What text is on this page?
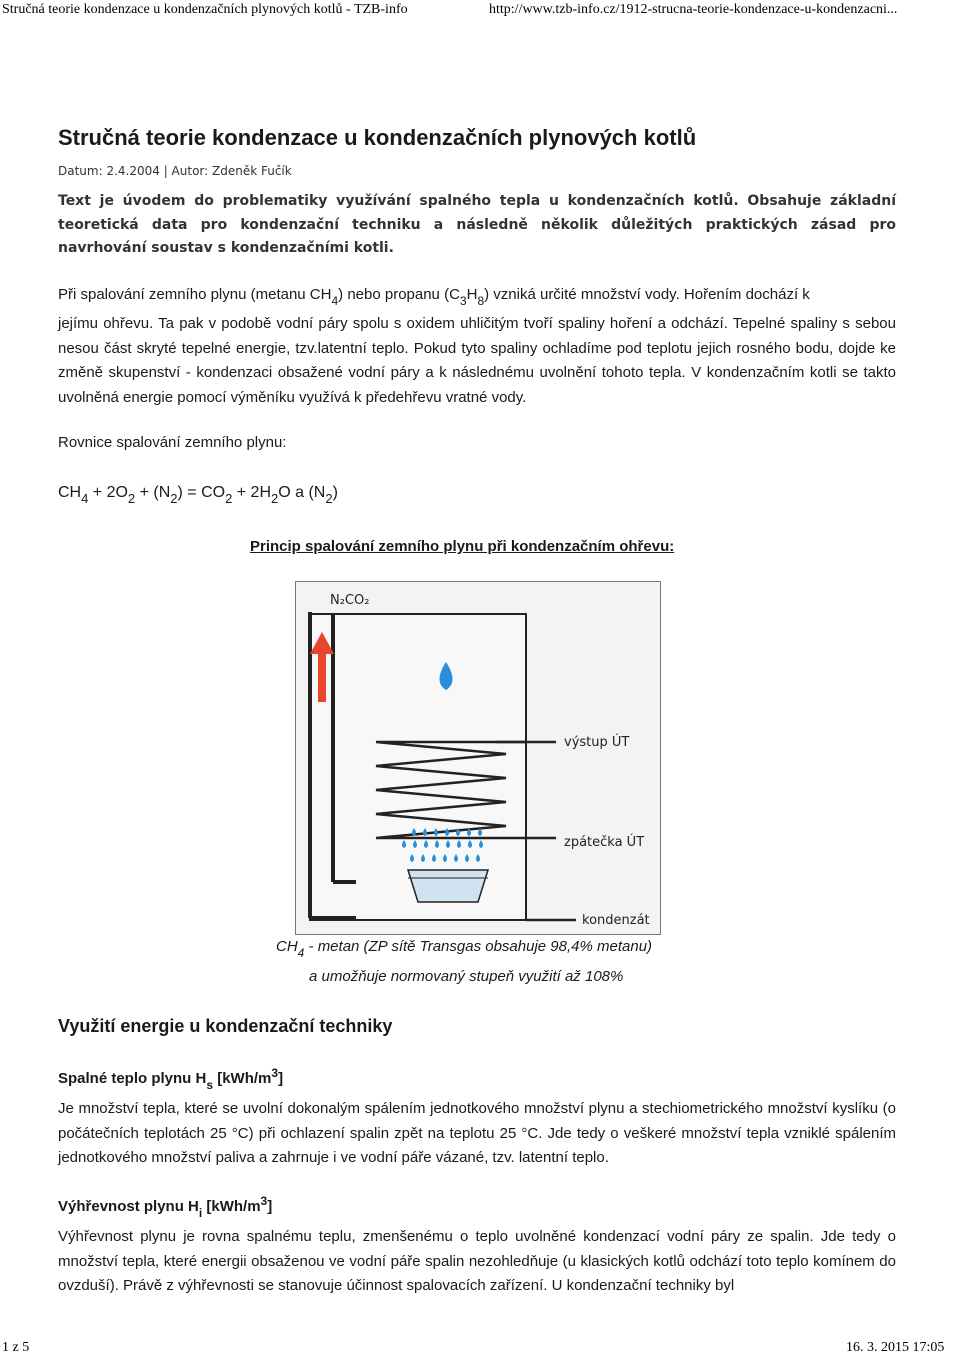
Stručná teorie kondenzace u kondenzačních plynových kotlů - TZB-info	http://www.tzb-info.cz/1912-strucna-teorie-kondenzace-u-kondenzacni...
Stručná teorie kondenzace u kondenzačních plynových kotlů
Datum: 2.4.2004 | Autor: Zdeněk Fučík
Text je úvodem do problematiky využívání spalného tepla u kondenzačních kotlů. Obsahuje základní teoretická data pro kondenzační techniku a následně několik důležitých praktických zásad pro navrhování soustav s kondenzačními kotli.
Při spalování zemního plynu (metanu $CH_4$) nebo propanu $(C_3H_8)$ vzniká určité množství vody. Hořením dochází k
jejímu ohřevu. Ta pak v podobě vodní páry spolu s oxidem uhličitým tvoří spaliny hoření a odchází. Tepelné spaliny s sebou nesou část skryté tepelné energie, tzv.latentní teplo. Pokud tyto spaliny ochladíme pod teplotu jejich rosného bodu, dojde ke změně skupenství - kondenzaci obsažené vodní páry a k následnému uvolnění tohoto tepla. V kondenzačním kotli se takto uvolněná energie pomocí výměníku využívá k předehřevu vratné vody.
Rovnice spalování zemního plynu:
$CH_4 + 2O_2 + (N_2) = CO_2 + 2H_2O$ a $(N_2)$
Princip spalování zemního plynu při kondenzačním ohřevu:
N₂CO₂
výstup ÚT
zpátečka ÚT
kondenzát
$CH_4$ - metan (ZP sítě Transgas obsahuje 98,4% metanu)
a umožňuje normovaný stupeň využití až 108%
Využití energie u kondenzační techniky
Spalné teplo plynu $H_s$ $[kWh/m^3]$
Je množství tepla, které se uvolní dokonalým spálením jednotkového množství plynu a stechiometrického množství kyslíku (o počátečních teplotách 25 °C) při ochlazení spalin zpět na teplotu 25 °C. Jde tedy o veškeré množství tepla vzniklé spálením jednotkového množství paliva a zahrnuje i ve vodní páře vázané, tzv. latentní teplo.
Výhřevnost plynu $H_i$ $[kWh/m^3]$
Výhřevnost plynu je rovna spalnému teplu, zmenšenému o teplo uvolněné kondenzací vodní páry ze spalin. Jde tedy o množství tepla, které energii obsaženou ve vodní páře spalin nezohledňuje (u klasických kotlů odchází toto teplo komínem do ovzduší). Právě z výhřevnosti se stanovuje účinnost spalovacích zařízení. U kondenzační techniky byl
1 z 5	16. 3. 2015 17:05
